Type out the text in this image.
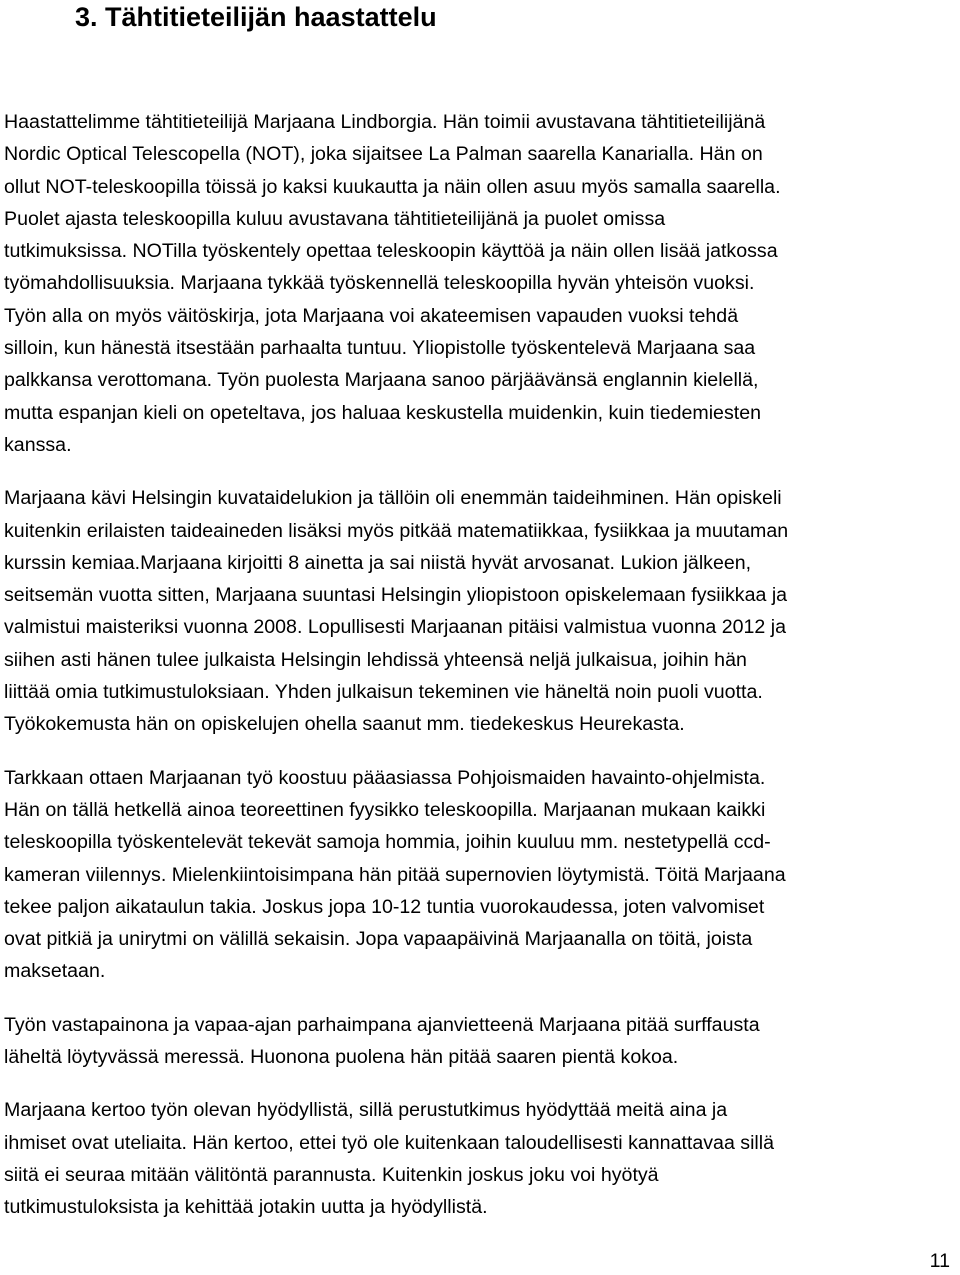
3. Tähtitieteilijän haastattelu

Haastattelimme tähtitieteilijä Marjaana Lindborgia. Hän toimii avustavana tähtitieteilijänä
Nordic Optical Telescopella (NOT), joka sijaitsee La Palman saarella Kanarialla. Hän on
ollut NOT-teleskoopilla töissä jo kaksi kuukautta ja näin ollen asuu myös samalla saarella.
Puolet ajasta teleskoopilla kuluu avustavana tähtitieteilijänä ja puolet omissa
tutkimuksissa. NOTilla työskentely opettaa teleskoopin käyttöä ja näin ollen lisää jatkossa
työmahdollisuuksia. Marjaana tykkää työskennellä teleskoopilla hyvän yhteisön vuoksi.
Työn alla on myös väitöskirja, jota Marjaana voi akateemisen vapauden vuoksi tehdä
silloin, kun hänestä itsestään parhaalta tuntuu. Yliopistolle työskentelevä Marjaana saa
palkkansa verottomana. Työn puolesta Marjaana sanoo pärjäävänsä englannin kielellä,
mutta espanjan kieli on opeteltava, jos haluaa keskustella muidenkin, kuin tiedemiesten
kanssa.

Marjaana kävi Helsingin kuvataidelukion ja tällöin oli enemmän taideihminen. Hän opiskeli
kuitenkin erilaisten taideaineden lisäksi myös pitkää matematiikkaa, fysiikkaa ja muutaman
kurssin kemiaa.Marjaana kirjoitti 8 ainetta ja sai niistä hyvät arvosanat. Lukion jälkeen,
seitsemän vuotta sitten, Marjaana suuntasi Helsingin yliopistoon opiskelemaan fysiikkaa ja
valmistui maisteriksi vuonna 2008. Lopullisesti Marjaanan pitäisi valmistua vuonna 2012 ja
siihen asti hänen tulee julkaista Helsingin lehdissä yhteensä neljä julkaisua, joihin hän
liittää omia tutkimustuloksiaan. Yhden julkaisun tekeminen vie häneltä noin puoli vuotta.
Työkokemusta hän on opiskelujen ohella saanut mm. tiedekeskus Heurekasta.

Tarkkaan ottaen Marjaanan työ koostuu pääasiassa Pohjoismaiden havainto-ohjelmista.
Hän on tällä hetkellä ainoa teoreettinen fyysikko teleskoopilla. Marjaanan mukaan kaikki
teleskoopilla työskentelevät tekevät samoja hommia, joihin kuuluu mm. nestetypellä ccd-
kameran viilennys. Mielenkiintoisimpana hän pitää supernovien löytymistä. Töitä Marjaana
tekee paljon aikataulun takia. Joskus jopa 10-12 tuntia vuorokaudessa, joten valvomiset
ovat pitkiä ja unirytmi on välillä sekaisin. Jopa vapaapäivinä Marjaanalla on töitä, joista
maksetaan.

Työn vastapainona ja vapaa-ajan parhaimpana ajanvietteenä Marjaana pitää surffausta
läheltä löytyvässä meressä. Huonona puolena hän pitää saaren pientä kokoa.

Marjaana kertoo työn olevan hyödyllistä, sillä perustutkimus hyödyttää meitä aina ja
ihmiset ovat uteliaita. Hän kertoo, ettei työ ole kuitenkaan taloudellisesti kannattavaa sillä
siitä ei seuraa mitään välitöntä parannusta. Kuitenkin joskus joku voi hyötyä
tutkimustuloksista ja kehittää jotakin uutta ja hyödyllistä.

11
